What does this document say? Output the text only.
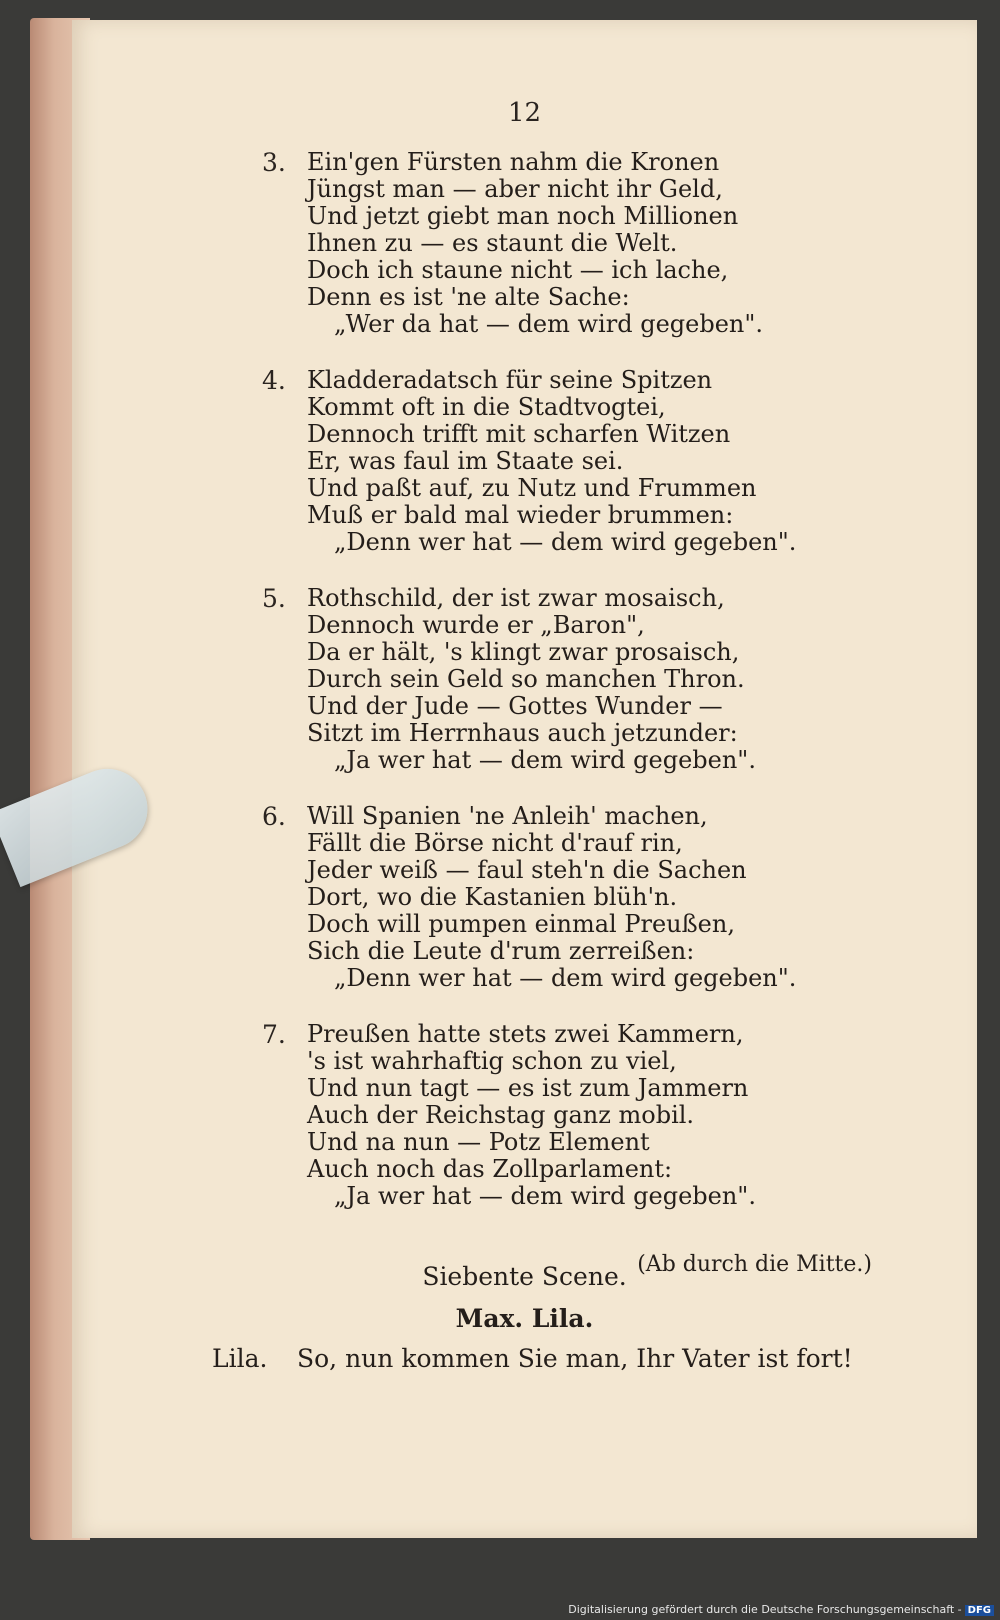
12
3. Ein'gen Fürsten nahm die Kronen
Jüngst man — aber nicht ihr Geld,
Und jetzt giebt man noch Millionen
Ihnen zu — es staunt die Welt.
Doch ich staune nicht — ich lache,
Denn es ist 'ne alte Sache:
„Wer da hat — dem wird gegeben".
4. Kladderadatsch für seine Spitzen
Kommt oft in die Stadtvogtei,
Dennoch trifft mit scharfen Witzen
Er, was faul im Staate sei.
Und paßt auf, zu Nutz und Frummen
Muß er bald mal wieder brummen:
„Denn wer hat — dem wird gegeben".
5. Rothschild, der ist zwar mosaisch,
Dennoch wurde er „Baron",
Da er hält, 's klingt zwar prosaisch,
Durch sein Geld so manchen Thron.
Und der Jude — Gottes Wunder —
Sitzt im Herrnhaus auch jetzunder:
„Ja wer hat — dem wird gegeben".
6. Will Spanien 'ne Anleih' machen,
Fällt die Börse nicht d'rauf rin,
Jeder weiß — faul steh'n die Sachen
Dort, wo die Kastanien blüh'n.
Doch will pumpen einmal Preußen,
Sich die Leute d'rum zerreißen:
„Denn wer hat — dem wird gegeben".
7. Preußen hatte stets zwei Kammern,
's ist wahrhaftig schon zu viel,
Und nun tagt — es ist zum Jammern
Auch der Reichstag ganz mobil.
Und na nun — Potz Element
Auch noch das Zollparlament:
„Ja wer hat — dem wird gegeben".
(Ab durch die Mitte.)
Siebente Scene.
Max. Lila.
Lila. So, nun kommen Sie man, Ihr Vater ist fort!
Digitalisierung gefördert durch die Deutsche Forschungsgemeinschaft - DFG
